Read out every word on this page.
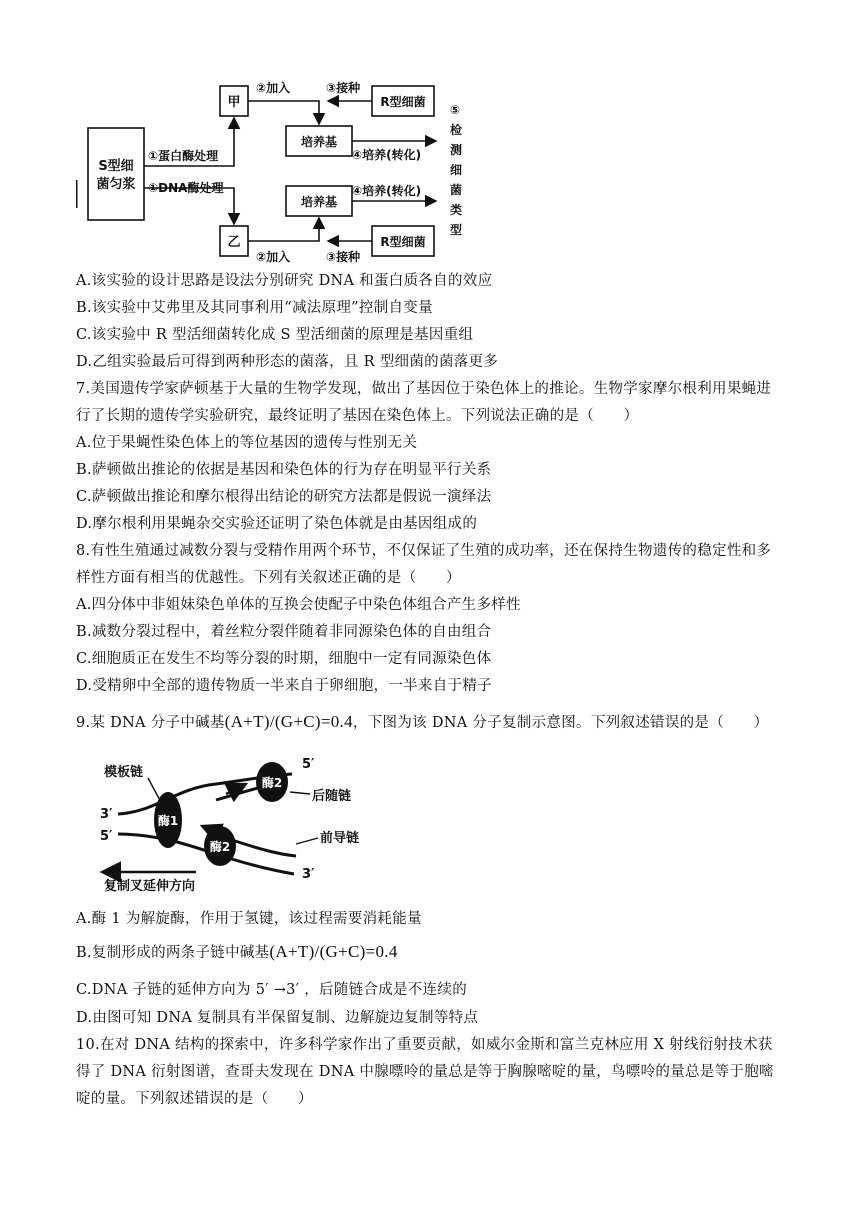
S型细
菌匀浆
①蛋白酶处理
①DNA酶处理
甲
乙
②加入
②加入
③接种
③接种
R型细菌
R型细菌
培养基
培养基
④培养(转化)
④培养(转化)
⑤
检
测
细
菌
类
型
A.该实验的设计思路是设法分别研究 DNA 和蛋白质各自的效应
B.该实验中艾弗里及其同事利用“减法原理”控制自变量
C.该实验中 R 型活细菌转化成 S 型活细菌的原理是基因重组
D.乙组实验最后可得到两种形态的菌落，且 R 型细菌的菌落更多
7.美国遗传学家萨顿基于大量的生物学发现，做出了基因位于染色体上的推论。生物学家摩尔根利用果蝇进
行了长期的遗传学实验研究，最终证明了基因在染色体上。下列说法正确的是（　　）
A.位于果蝇性染色体上的等位基因的遗传与性别无关
B.萨顿做出推论的依据是基因和染色体的行为存在明显平行关系
C.萨顿做出推论和摩尔根得出结论的研究方法都是假说一演绎法
D.摩尔根利用果蝇杂交实验还证明了染色体就是由基因组成的
8.有性生殖通过减数分裂与受精作用两个环节，不仅保证了生殖的成功率，还在保持生物遗传的稳定性和多
样性方面有相当的优越性。下列有关叙述正确的是（　　）
A.四分体中非姐妹染色单体的互换会使配子中染色体组合产生多样性
B.减数分裂过程中，着丝粒分裂伴随着非同源染色体的自由组合
C.细胞质正在发生不均等分裂的时期，细胞中一定有同源染色体
D.受精卵中全部的遗传物质一半来自于卵细胞，一半来自于精子
9.某 DNA 分子中碱基(A+T)/(G+C)=0.4，下图为该 DNA 分子复制示意图。下列叙述错误的是（　　）
酶1
酶2
酶2
模板链
3′
5′
5′
后随链
前导链
3′
复制叉延伸方向
A.酶 1 为解旋酶，作用于氢键，该过程需要消耗能量
B.复制形成的两条子链中碱基(A+T)/(G+C)=0.4
C.DNA 子链的延伸方向为 5′ →3′ ，后随链合成是不连续的
D.由图可知 DNA 复制具有半保留复制、边解旋边复制等特点
10.在对 DNA 结构的探索中，许多科学家作出了重要贡献，如威尔金斯和富兰克林应用 X 射线衍射技术获
得了 DNA 衍射图谱，查哥夫发现在 DNA 中腺嘌呤的量总是等于胸腺嘧啶的量，鸟嘌呤的量总是等于胞嘧
啶的量。下列叙述错误的是（　　）
